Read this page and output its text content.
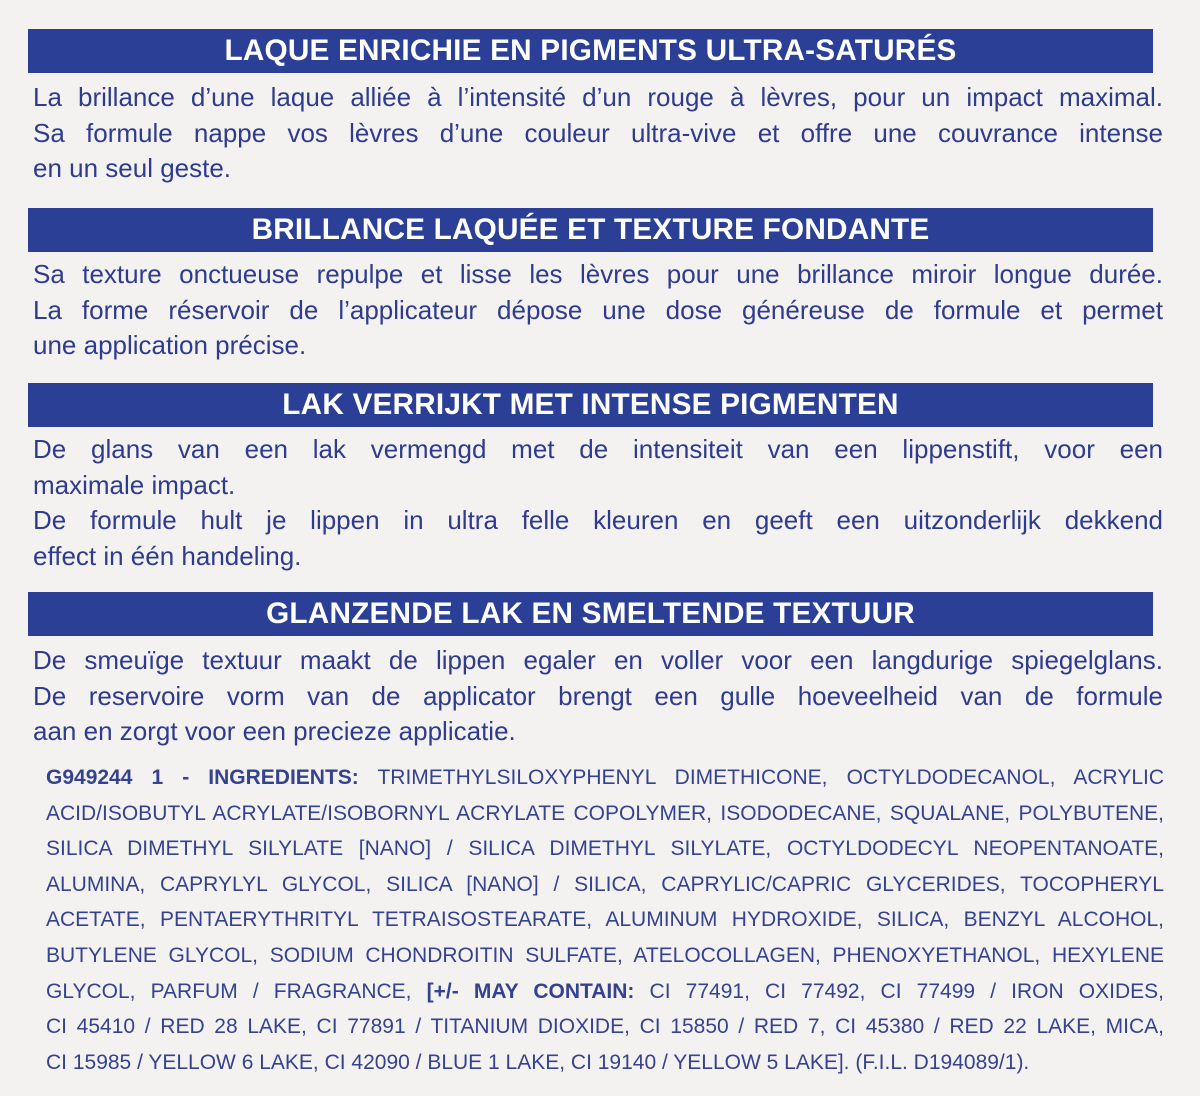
LAQUE ENRICHIE EN PIGMENTS ULTRA-SATURÉS

La brillance d’une laque alliée à l’intensité d’un rouge à lèvres, pour un impact maximal.

Sa formule nappe vos lèvres d’une couleur ultra-vive et offre une couvrance intense

en un seul geste.

BRILLANCE LAQUÉE ET TEXTURE FONDANTE

Sa texture onctueuse repulpe et lisse les lèvres pour une brillance miroir longue durée.

La forme réservoir de l’applicateur dépose une dose généreuse de formule et permet

une application précise.

LAK VERRIJKT MET INTENSE PIGMENTEN

De glans van een lak vermengd met de intensiteit van een lippenstift, voor een

maximale impact.

De formule hult je lippen in ultra felle kleuren en geeft een uitzonderlijk dekkend

effect in één handeling.

GLANZENDE LAK EN SMELTENDE TEXTUUR

De smeuïge textuur maakt de lippen egaler en voller voor een langdurige spiegelglans.

De reservoire vorm van de applicator brengt een gulle hoeveelheid van de formule

aan en zorgt voor een precieze applicatie.

G949244 1 - INGREDIENTS: TRIMETHYLSILOXYPHENYL DIMETHICONE, OCTYLDODECANOL, ACRYLIC
ACID/ISOBUTYL ACRYLATE/ISOBORNYL ACRYLATE COPOLYMER, ISODODECANE, SQUALANE, POLYBUTENE,
SILICA DIMETHYL SILYLATE [NANO] / SILICA DIMETHYL SILYLATE, OCTYLDODECYL NEOPENTANOATE,
ALUMINA, CAPRYLYL GLYCOL, SILICA [NANO] / SILICA, CAPRYLIC/CAPRIC GLYCERIDES, TOCOPHERYL
ACETATE, PENTAERYTHRITYL TETRAISOSTEARATE, ALUMINUM HYDROXIDE, SILICA, BENZYL ALCOHOL,
BUTYLENE GLYCOL, SODIUM CHONDROITIN SULFATE, ATELOCOLLAGEN, PHENOXYETHANOL, HEXYLENE
GLYCOL, PARFUM / FRAGRANCE, [+/- MAY CONTAIN: CI 77491, CI 77492, CI 77499 / IRON OXIDES,
CI 45410 / RED 28 LAKE, CI 77891 / TITANIUM DIOXIDE, CI 15850 / RED 7, CI 45380 / RED 22 LAKE, MICA,
CI 15985 / YELLOW 6 LAKE, CI 42090 / BLUE 1 LAKE, CI 19140 / YELLOW 5 LAKE]. (F.I.L. D194089/1).
